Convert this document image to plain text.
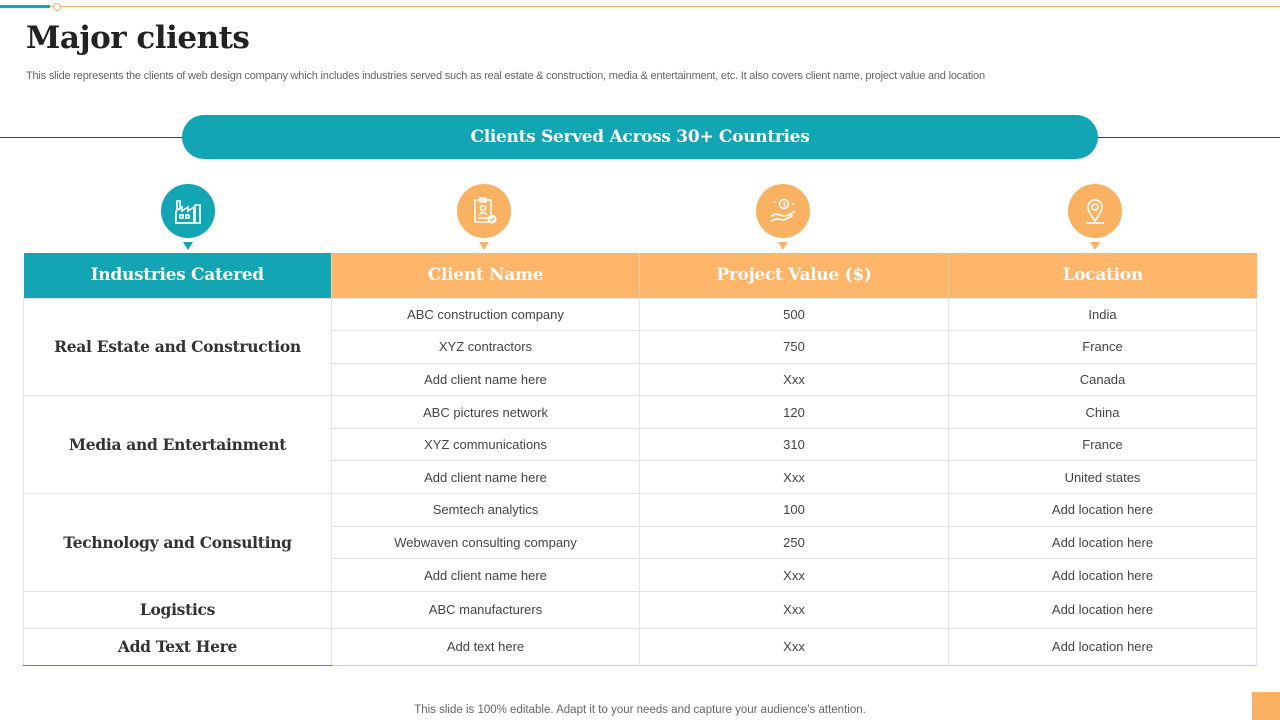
Major clients

This slide represents the clients of web design company which includes industries served such as real estate & construction, media & entertainment, etc. It also covers client name, project value and location

Clients Served Across 30+ Countries
$
Industries Catered	Client Name	Project Value ($)	Location
Real Estate and Construction	ABC construction company	500	India
	XYZ contractors	750	France
	Add client name here	Xxx	Canada
Media and Entertainment	ABC pictures network	120	China
	XYZ communications	310	France
	Add client name here	Xxx	United states
Technology and Consulting	Semtech analytics	100	Add location here
	Webwaven consulting company	250	Add location here
	Add client name here	Xxx	Add location here
Logistics	ABC manufacturers	Xxx	Add location here
Add Text Here	Add text here	Xxx	Add location here
This slide is 100% editable. Adapt it to your needs and capture your audience's attention.
